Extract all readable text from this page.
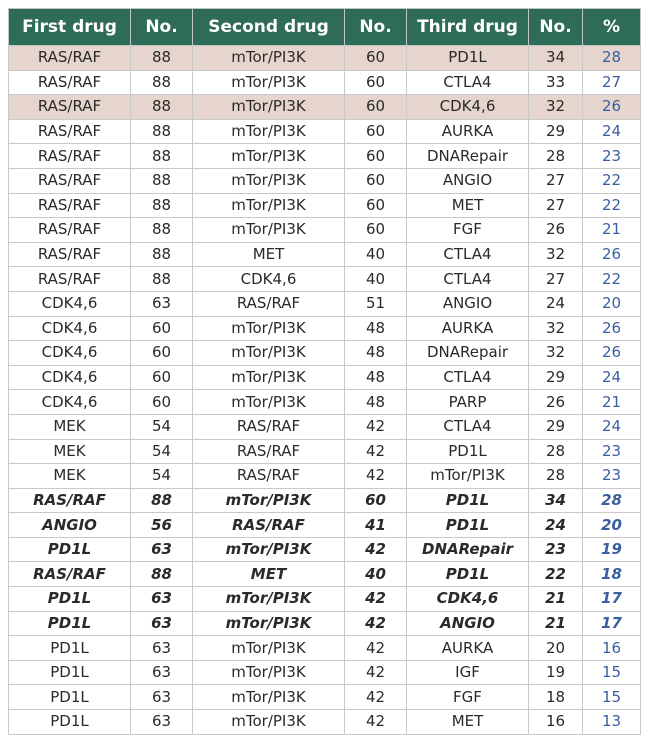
First drug	No.	Second drug	No.	Third drug	No.	%
RAS/RAF	88	mTor/PI3K	60	PD1L	34	28
RAS/RAF	88	mTor/PI3K	60	CTLA4	33	27
RAS/RAF	88	mTor/PI3K	60	CDK4,6	32	26
RAS/RAF	88	mTor/PI3K	60	AURKA	29	24
RAS/RAF	88	mTor/PI3K	60	DNARepair	28	23
RAS/RAF	88	mTor/PI3K	60	ANGIO	27	22
RAS/RAF	88	mTor/PI3K	60	MET	27	22
RAS/RAF	88	mTor/PI3K	60	FGF	26	21
RAS/RAF	88	MET	40	CTLA4	32	26
RAS/RAF	88	CDK4,6	40	CTLA4	27	22
CDK4,6	63	RAS/RAF	51	ANGIO	24	20
CDK4,6	60	mTor/PI3K	48	AURKA	32	26
CDK4,6	60	mTor/PI3K	48	DNARepair	32	26
CDK4,6	60	mTor/PI3K	48	CTLA4	29	24
CDK4,6	60	mTor/PI3K	48	PARP	26	21
MEK	54	RAS/RAF	42	CTLA4	29	24
MEK	54	RAS/RAF	42	PD1L	28	23
MEK	54	RAS/RAF	42	mTor/PI3K	28	23
RAS/RAF	88	mTor/PI3K	60	PD1L	34	28
ANGIO	56	RAS/RAF	41	PD1L	24	20
PD1L	63	mTor/PI3K	42	DNARepair	23	19
RAS/RAF	88	MET	40	PD1L	22	18
PD1L	63	mTor/PI3K	42	CDK4,6	21	17
PD1L	63	mTor/PI3K	42	ANGIO	21	17
PD1L	63	mTor/PI3K	42	AURKA	20	16
PD1L	63	mTor/PI3K	42	IGF	19	15
PD1L	63	mTor/PI3K	42	FGF	18	15
PD1L	63	mTor/PI3K	42	MET	16	13
